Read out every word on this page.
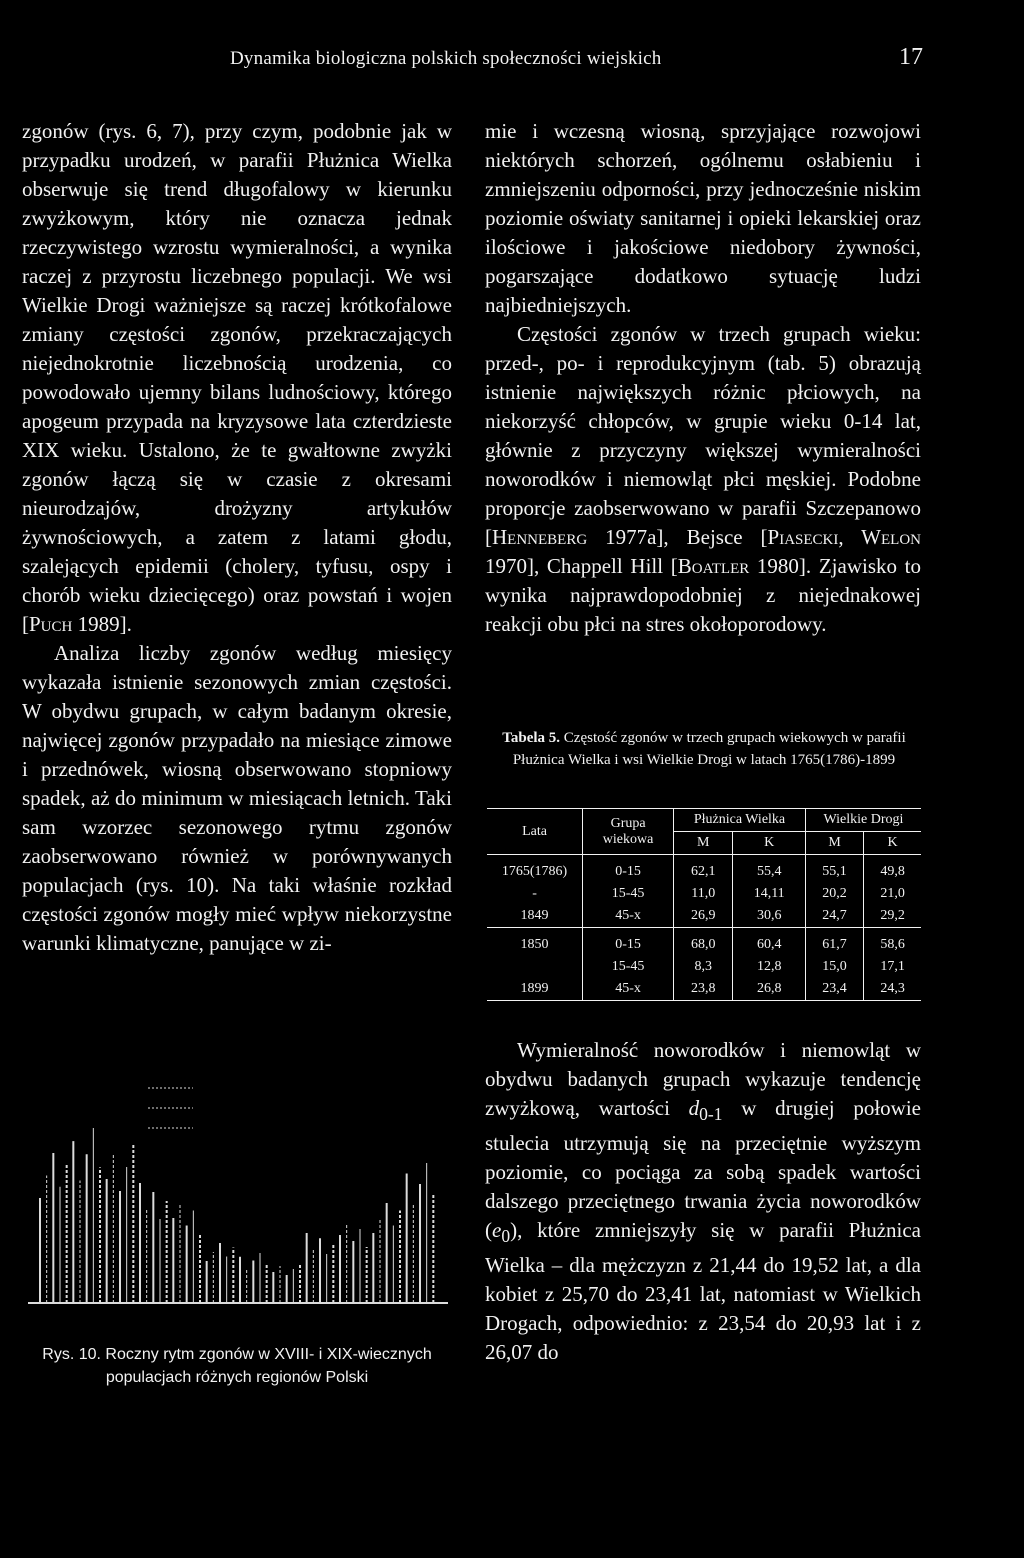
Dynamika biologiczna polskich społeczności wiejskich	17

zgonów (rys. 6, 7), przy czym, podobnie jak w przypadku urodzeń, w parafii Płużnica Wielka obserwuje się trend długofalowy w kierunku zwyżkowym, który nie oznacza jednak rzeczywistego wzrostu wymieralności, a wynika raczej z przyrostu liczebnego populacji. We wsi Wielkie Drogi ważniejsze są raczej krótkofalowe zmiany częstości zgonów, przekraczających niejednokrotnie liczebnością urodzenia, co powodowało ujemny bilans ludnościowy, którego apogeum przypada na kryzysowe lata czterdzieste XIX wieku. Ustalono, że te gwałtowne zwyżki zgonów łączą się w czasie z okresami nieurodzajów, drożyzny artykułów żywnościowych, a zatem z latami głodu, szalejących epidemii (cholery, tyfusu, ospy i chorób wieku dziecięcego) oraz powstań i wojen [Puch 1989].

Analiza liczby zgonów według miesięcy wykazała istnienie sezonowych zmian częstości. W obydwu grupach, w całym badanym okresie, najwięcej zgonów przypadało na miesiące zimowe i przednówek, wiosną obserwowano stopniowy spadek, aż do minimum w miesiącach letnich. Taki sam wzorzec sezonowego rytmu zgonów zaobserwowano również w porównywanych populacjach (rys. 10). Na taki właśnie rozkład częstości zgonów mogły mieć wpływ niekorzystne warunki klimatyczne, panujące w zi-

mie i wczesną wiosną, sprzyjające rozwojowi niektórych schorzeń, ogólnemu osłabieniu i zmniejszeniu odporności, przy jednocześnie niskim poziomie oświaty sanitarnej i opieki lekarskiej oraz ilościowe i jakościowe niedobory żywności, pogarszające dodatkowo sytuację ludzi najbiedniejszych.

Częstości zgonów w trzech grupach wieku: przed-, po- i reprodukcyjnym (tab. 5) obrazują istnienie największych różnic płciowych, na niekorzyść chłopców, w grupie wieku 0-14 lat, głównie z przyczyny większej wymieralności noworodków i niemowląt płci męskiej. Podobne proporcje zaobserwowano w parafii Szczepanowo [Henneberg 1977a], Bejsce [Piasecki, Welon 1970], Chappell Hill [Boatler 1980]. Zjawisko to wynika najprawdopodobniej z niejednakowej reakcji obu płci na stres okołoporodowy.

Tabela 5. Częstość zgonów w trzech grupach wiekowych w parafii Płużnica Wielka i wsi Wielkie Drogi w latach 1765(1786)-1899
Lata	Grupa wiekowa	Płużnica Wielka		Wielkie Drogi	
		M	K	M	K
1765(1786)	0-15	62,1	55,4	55,1	49,8
-	15-45	11,0	14,11	20,2	21,0
1849	45-x	26,9	30,6	24,7	29,2

1850	0-15	68,0	60,4	61,7	58,6
	15-45	8,3	12,8	15,0	17,1
1899	45-x	23,8	26,8	23,4	24,3

Wymieralność noworodków i niemowląt w obydwu badanych grupach wykazuje tendencję zwyżkową, wartości $d_{0-1}$ w drugiej połowie stulecia utrzymują się na przeciętnie wyższym poziomie, co pociąga za sobą spadek wartości dalszego przeciętnego trwania życia noworodków $(e_0)$, które zmniejszyły się w parafii Płużnica Wielka – dla mężczyzn z 21,44 do 19,52 lat, a dla kobiet z 25,70 do 23,41 lat, natomiast w Wielkich Drogach, odpowiednio: z 23,54 do 20,93 lat i z 26,07 do

Rys. 10. Roczny rytm zgonów w XVIII- i XIX-wiecznych populacjach różnych regionów Polski
